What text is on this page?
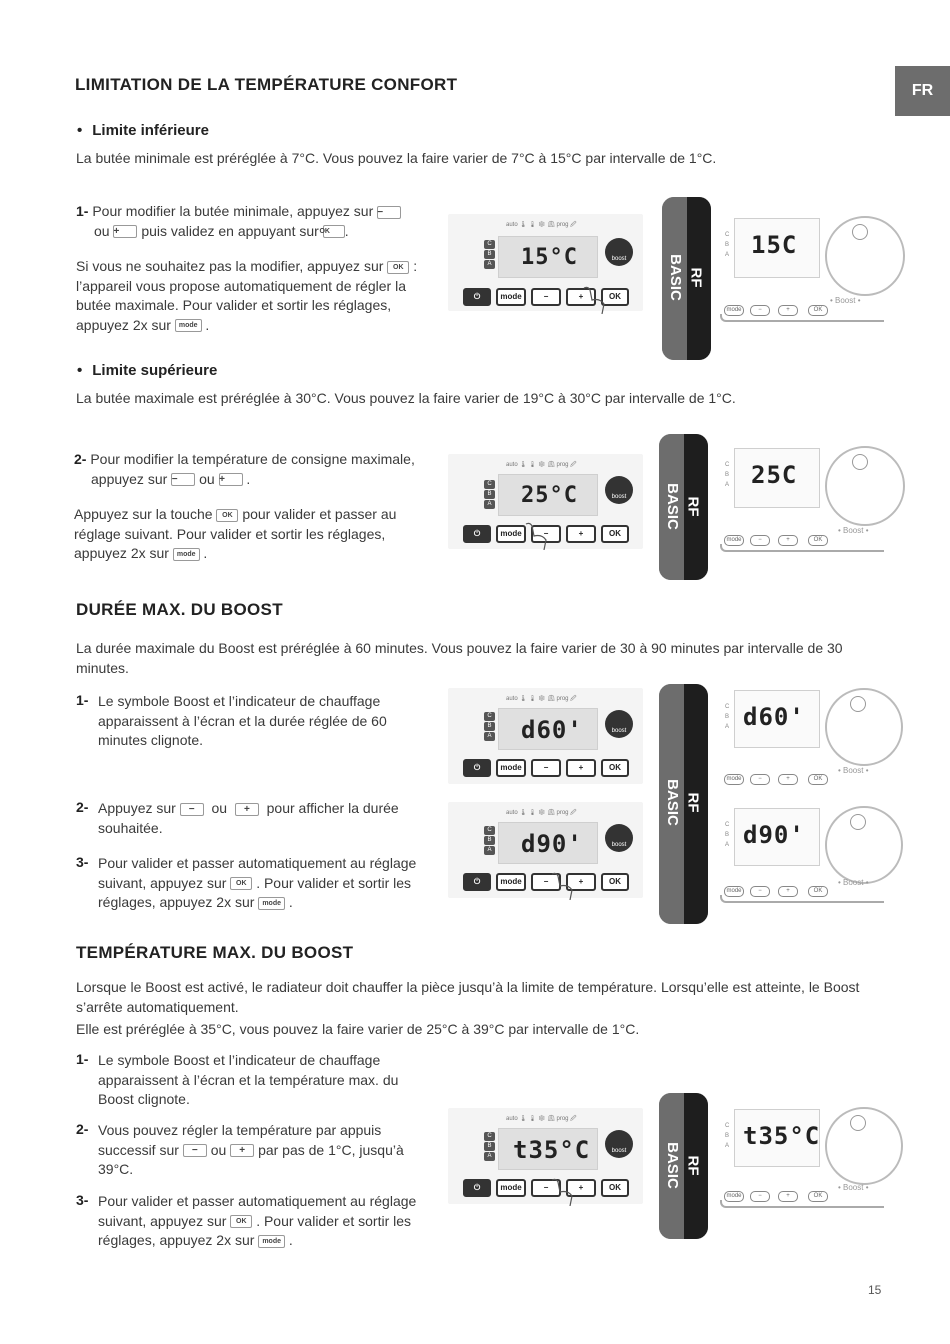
FR
LIMITATION DE LA TEMPÉRATURE CONFORT
• Limite inférieure

La butée minimale est préréglée à 7°C. Vous pouvez la faire varier de 7°C à 15°C par intervalle de 1°C.

1- Pour modifier la butée minimale, appuyez sur −
ou + puis validez en appuyant sur OK .

Si vous ne souhaitez pas la modifier, appuyez sur OK : l’appareil vous propose automatiquement de régler la butée maximale. Pour valider et sortir les réglages, appuyez 2x sur mode .

auto 🌡 🌡 ❄ ⏲ prog 🖉
C
B
A 15°C	boost
⏻	mode	−	+	OK	BASIC RF
15C
C
B
A
• Boost •
mode	−	+	OK
• Limite supérieure

La butée maximale est préréglée à 30°C. Vous pouvez la faire varier de 19°C à 30°C par intervalle de 1°C.

2- Pour modifier la température de consigne maximale, appuyez sur − ou + .

Appuyez sur la touche OK pour valider et passer au réglage suivant. Pour valider et sortir les réglages, appuyez 2x sur mode .

auto 🌡 🌡 ❄ ⏲ prog 🖉
C
B
A 25°C	boost
⏻	mode	−	+	OK
BASIC RF
25C
C
B
A
• Boost •
mode	−	+	OK
DURÉE MAX. DU BOOST

La durée maximale du Boost est préréglée à 60 minutes. Vous pouvez la faire varier de 30 à 90 minutes par intervalle de 30 minutes.

1- Le symbole Boost et l’indicateur de chauffage apparaissent à l’écran et la durée réglée de 60 minutes clignote.

2- Appuyez sur − ou + pour afficher la durée souhaitée.

3- Pour valider et passer automatiquement au réglage suivant, appuyez sur OK . Pour valider et sortir les réglages, appuyez 2x sur mode .

auto 🌡 🌡 ❄ ⏲ prog 🖉
C
B
A d60'	boost
⏻	mode	−	+	OK
auto 🌡 🌡 ❄ ⏲ prog 🖉
C
B
A d90'	boost
⏻	mode	−	+	OK
BASIC RF
d60'
C
B
A
• Boost •
mode	−	+	OK
d90'
C
B
A
• Boost •
mode	−	+	OK
TEMPÉRATURE MAX. DU BOOST

Lorsque le Boost est activé, le radiateur doit chauffer la pièce jusqu’à la limite de température. Lorsqu’elle est atteinte, le Boost s’arrête automatiquement.

Elle est préréglée à 35°C, vous pouvez la faire varier de 25°C à 39°C par intervalle de 1°C.

1- Le symbole Boost et l’indicateur de chauffage apparaissent à l’écran et la température max. du Boost clignote.

2- Vous pouvez régler la température par appuis successif sur − ou + par pas de 1°C, jusqu’à 39°C.

3- Pour valider et passer automatiquement au réglage suivant, appuyez sur OK . Pour valider et sortir les réglages, appuyez 2x sur mode .

auto 🌡 🌡 ❄ ⏲ prog 🖉
C
B
A t35°C	boost
⏻	mode	−	+	OK	BASIC RF
t35°C
C
B
A
• Boost •
mode	−	+	OK
15
